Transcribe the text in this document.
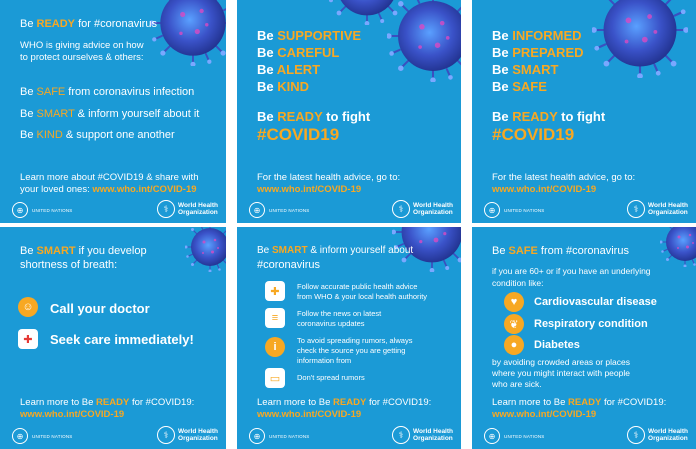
Be READY for #coronavirus
WHO is giving advice on how
to protect ourselves & others:
Be SAFE from coronavirus infection
Be SMART & inform yourself about it
Be KIND & support one another
Learn more about #COVID19 & share with
your loved ones: www.who.int/COVID-19
⊕	UNITED NATIONS	⚕	World Health
Organization
Be SUPPORTIVE
Be CAREFUL
Be ALERT
Be KIND
Be READY to fight
#COVID19
For the latest health advice, go to:
www.who.int/COVID-19
⊕	UNITED NATIONS	⚕	World Health
Organization
Be INFORMED
Be PREPARED
Be SMART
Be SAFE
Be READY to fight
#COVID19
For the latest health advice, go to:
www.who.int/COVID-19
⊕	UNITED NATIONS	⚕	World Health
Organization
Be SMART if you develop
shortness of breath:
☺	Call your doctor
✚	Seek care immediately!
Learn more to Be READY for #COVID19:
www.who.int/COVID-19
⊕	UNITED NATIONS	⚕	World Health
Organization
Be SMART & inform yourself about
#coronavirus
✚	Follow accurate public health advice
from WHO & your local health authority
≡	Follow the news on latest
coronavirus updates
i
To avoid spreading rumors, always
check the source you are getting
information from
▭	Don't spread rumors
Learn more to Be READY for #COVID19:
www.who.int/COVID-19
⊕	UNITED NATIONS	⚕	World Health
Organization
Be SAFE from #coronavirus
if you are 60+ or if you have an underlying
condition like:
♥	Cardiovascular disease
❦	Respiratory condition
●	Diabetes
by avoiding crowded areas or places
where you might interact with people
who are sick.
Learn more to Be READY for #COVID19:
www.who.int/COVID-19
⊕	UNITED NATIONS	⚕	World Health
Organization
